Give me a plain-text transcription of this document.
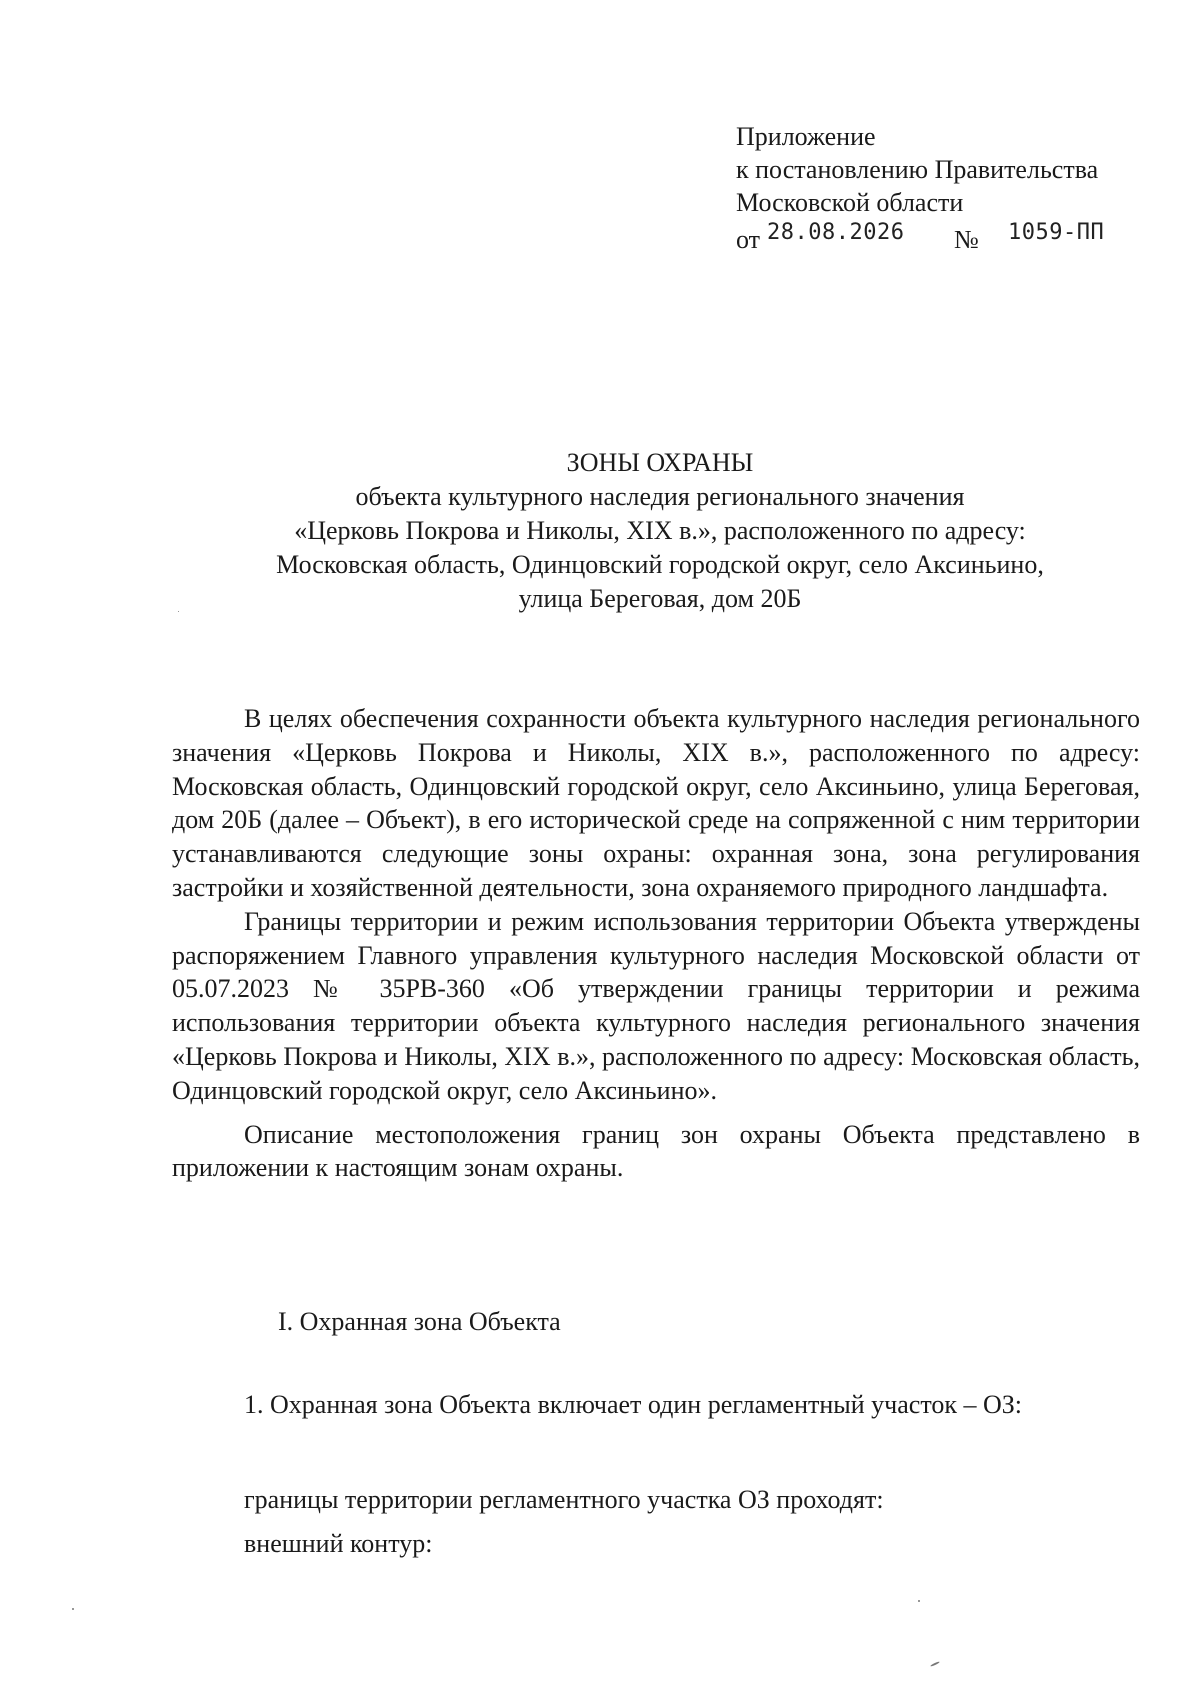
Приложение
к постановлению Правительства
Московской области
от 28.08.2026 № 1059-ПП
ЗОНЫ ОХРАНЫ
объекта культурного наследия регионального значения
«Церковь Покрова и Николы, XIX в.», расположенного по адресу:
Московская область, Одинцовский городской округ, село Аксиньино,
улица Береговая, дом 20Б

В целях обеспечения сохранности объекта культурного наследия регионального значения «Церковь Покрова и Николы, XIX в.», расположенного по адресу: Московская область, Одинцовский городской округ, село Аксиньино, улица Береговая, дом 20Б (далее – Объект), в его исторической среде на сопряженной с ним территории устанавливаются следующие зоны охраны: охранная зона, зона регулирования застройки и хозяйственной деятельности, зона охраняемого природного ландшафта.

Границы территории и режим использования территории Объекта утверждены распоряжением Главного управления культурного наследия Московской области от 05.07.2023 № 35РВ-360 «Об утверждении границы территории и режима использования территории объекта культурного наследия регионального значения «Церковь Покрова и Николы, XIX в.», расположенного по адресу: Московская область, Одинцовский городской округ, село Аксиньино».

Описание местоположения границ зон охраны Объекта представлено в приложении к настоящим зонам охраны.

I. Охранная зона Объекта

1. Охранная зона Объекта включает один регламентный участок – ОЗ:

границы территории регламентного участка ОЗ проходят:
внешний контур:
